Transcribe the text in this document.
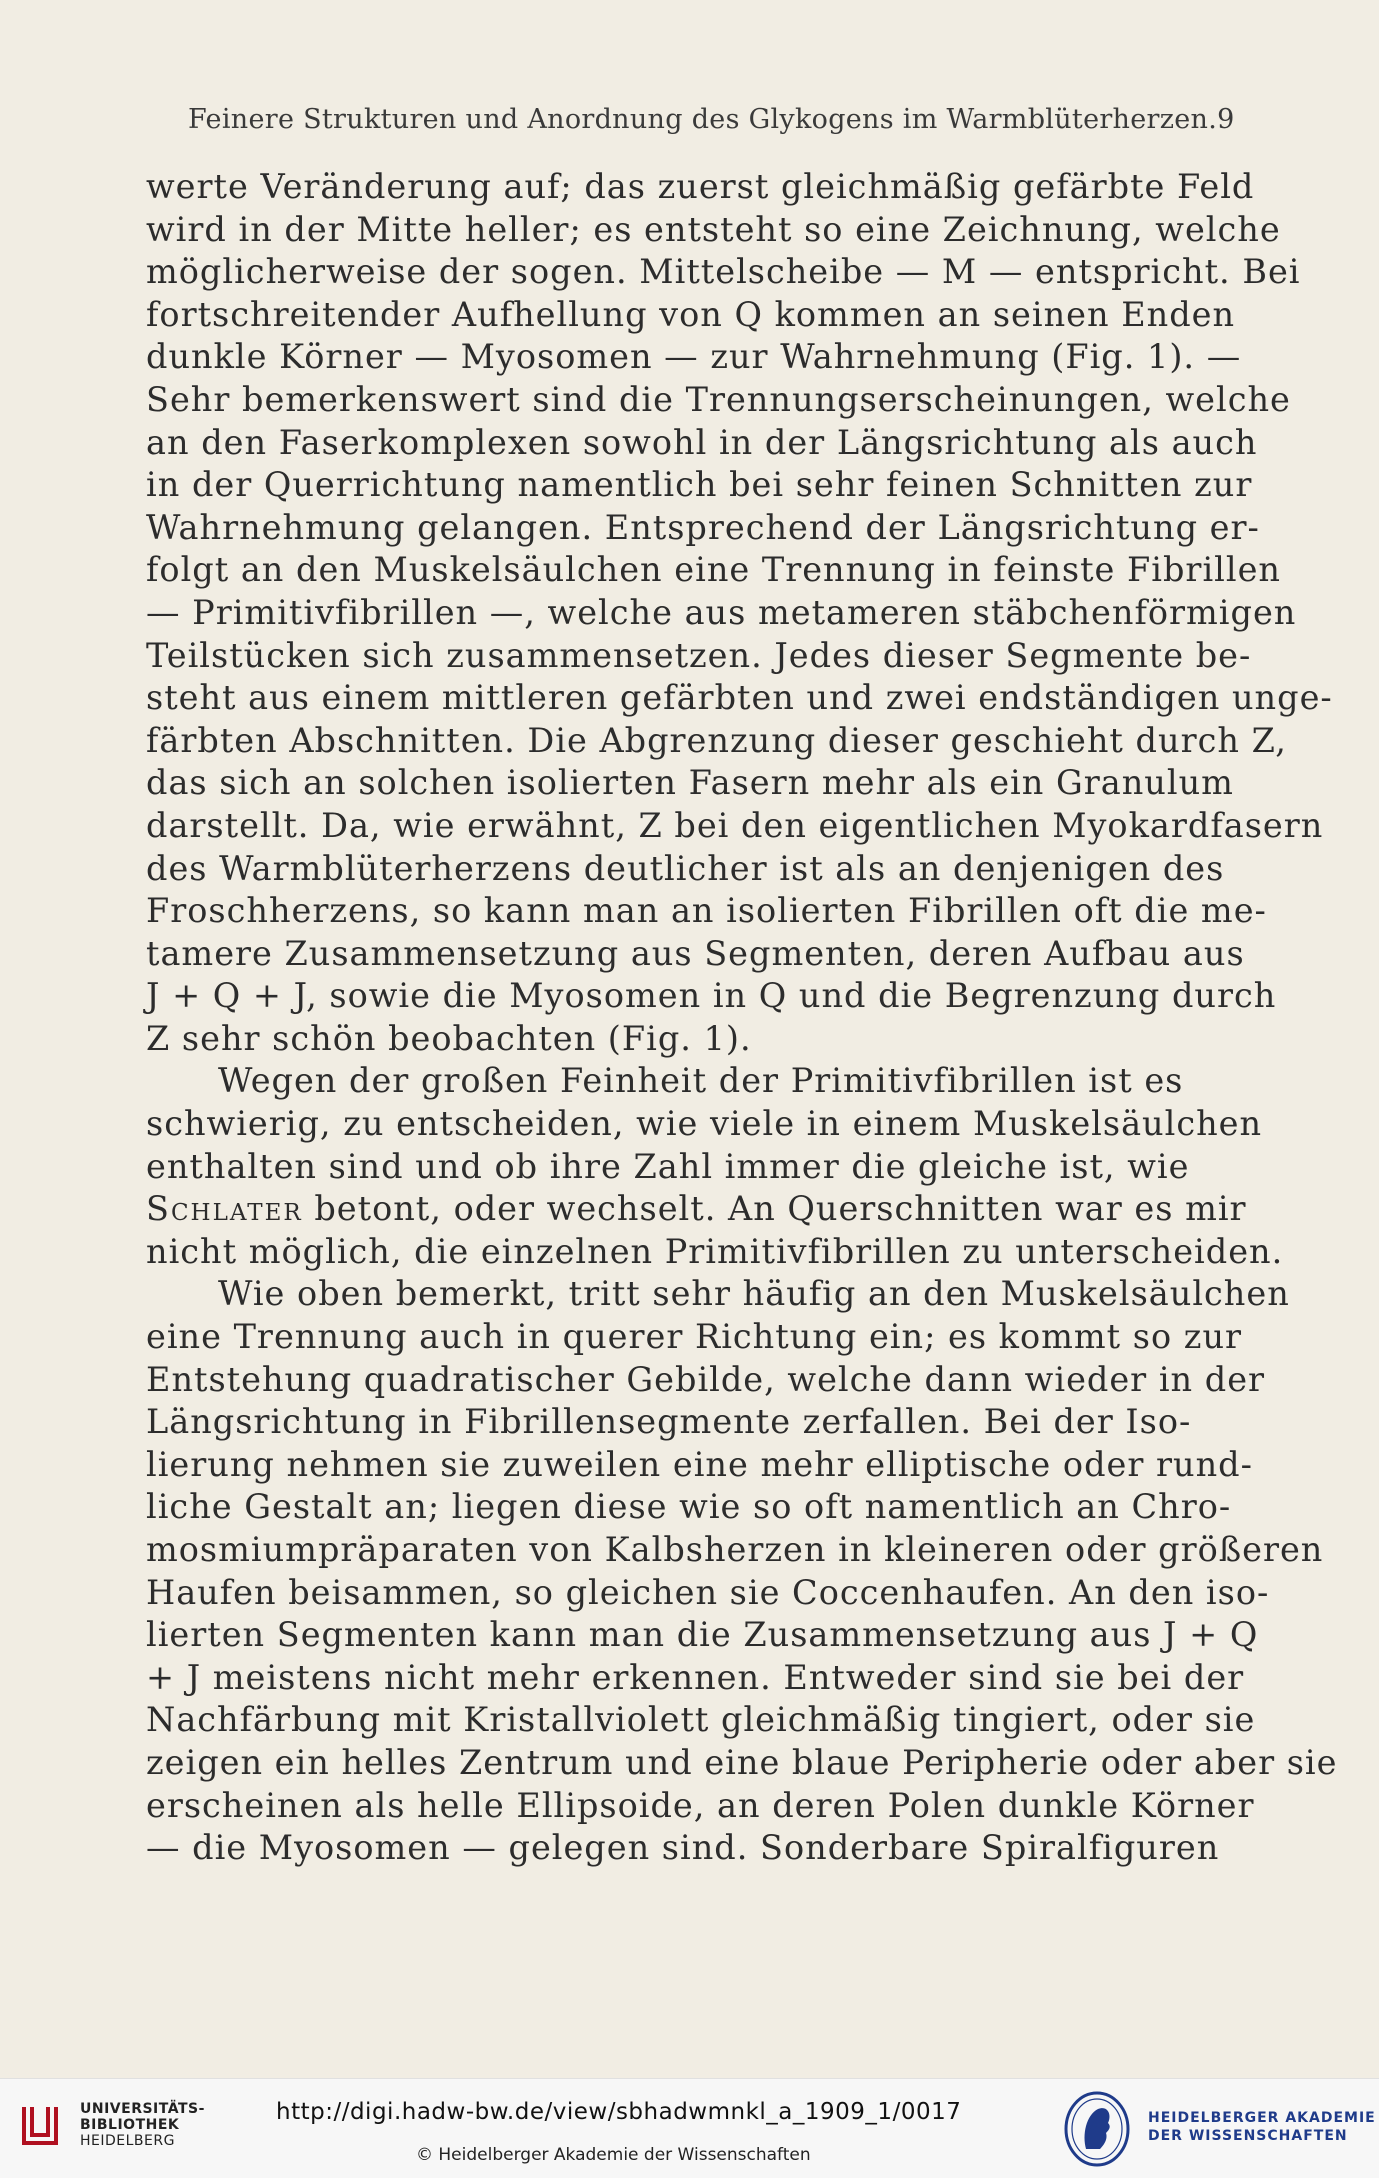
Feinere Strukturen und Anordnung des Glykogens im Warmblüterherzen. 9
werte Veränderung auf; das zuerst gleichmäßig gefärbte Feld
wird in der Mitte heller; es entsteht so eine Zeichnung, welche
möglicherweise der sogen. Mittelscheibe — M — entspricht. Bei
fortschreitender Aufhellung von Q kommen an seinen Enden
dunkle Körner — Myosomen — zur Wahrnehmung (Fig. 1). —
Sehr bemerkenswert sind die Trennungserscheinungen, welche
an den Faserkomplexen sowohl in der Längsrichtung als auch
in der Querrichtung namentlich bei sehr feinen Schnitten zur
Wahrnehmung gelangen. Entsprechend der Längsrichtung er-
folgt an den Muskelsäulchen eine Trennung in feinste Fibrillen
— Primitivfibrillen —, welche aus metameren stäbchenförmigen
Teilstücken sich zusammensetzen. Jedes dieser Segmente be-
steht aus einem mittleren gefärbten und zwei endständigen unge-
färbten Abschnitten. Die Abgrenzung dieser geschieht durch Z,
das sich an solchen isolierten Fasern mehr als ein Granulum
darstellt. Da, wie erwähnt, Z bei den eigentlichen Myokardfasern
des Warmblüterherzens deutlicher ist als an denjenigen des
Froschherzens, so kann man an isolierten Fibrillen oft die me-
tamere Zusammensetzung aus Segmenten, deren Aufbau aus
J + Q + J, sowie die Myosomen in Q und die Begrenzung durch
Z sehr schön beobachten (Fig. 1).
Wegen der großen Feinheit der Primitivfibrillen ist es
schwierig, zu entscheiden, wie viele in einem Muskelsäulchen
enthalten sind und ob ihre Zahl immer die gleiche ist, wie
Schlater betont, oder wechselt. An Querschnitten war es mir
nicht möglich, die einzelnen Primitivfibrillen zu unterscheiden.
Wie oben bemerkt, tritt sehr häufig an den Muskelsäulchen
eine Trennung auch in querer Richtung ein; es kommt so zur
Entstehung quadratischer Gebilde, welche dann wieder in der
Längsrichtung in Fibrillensegmente zerfallen. Bei der Iso-
lierung nehmen sie zuweilen eine mehr elliptische oder rund-
liche Gestalt an; liegen diese wie so oft namentlich an Chro-
mosmiumpräparaten von Kalbsherzen in kleineren oder größeren
Haufen beisammen, so gleichen sie Coccenhaufen. An den iso-
lierten Segmenten kann man die Zusammensetzung aus J + Q
+ J meistens nicht mehr erkennen. Entweder sind sie bei der
Nachfärbung mit Kristallviolett gleichmäßig tingiert, oder sie
zeigen ein helles Zentrum und eine blaue Peripherie oder aber sie
erscheinen als helle Ellipsoide, an deren Polen dunkle Körner
— die Myosomen — gelegen sind. Sonderbare Spiralfiguren
UNIVERSITÄTS-
BIBLIOTHEK
HEIDELBERG
http://digi.hadw-bw.de/view/sbhadwmnkl_a_1909_1/0017
© Heidelberger Akademie der Wissenschaften
HEIDELBERGER AKADEMIE
DER WISSENSCHAFTEN
